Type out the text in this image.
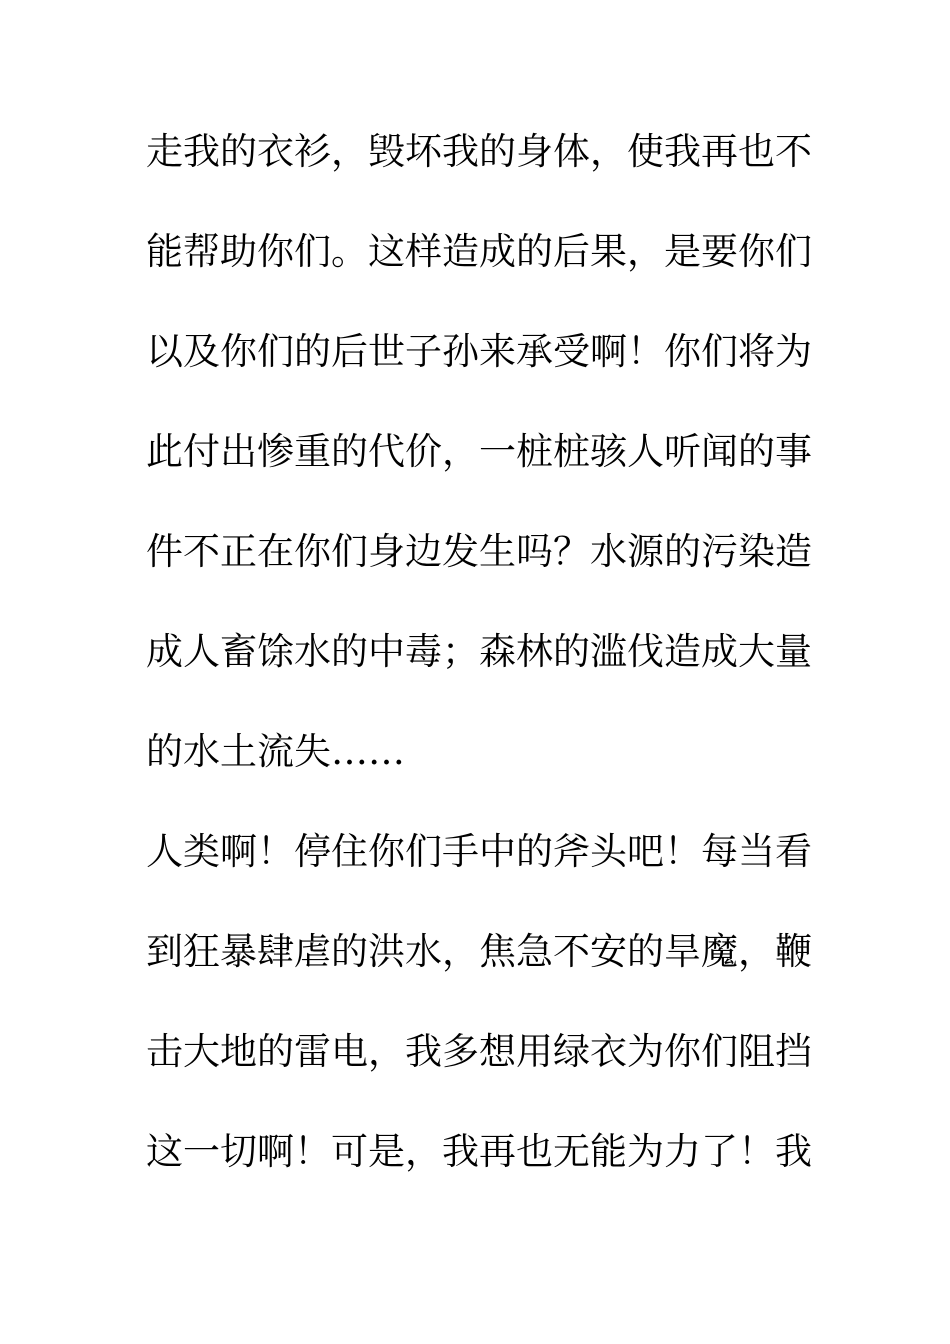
走我的衣衫，毁坏我的身体，使我再也不
能帮助你们。这样造成的后果，是要你们
以及你们的后世子孙来承受啊！你们将为
此付出惨重的代价，一桩桩骇人听闻的事
件不正在你们身边发生吗？水源的污染造
成人畜馀水的中毒；森林的滥伐造成大量
的水土流失……
人类啊！停住你们手中的斧头吧！每当看
到狂暴肆虐的洪水，焦急不安的旱魔，鞭
击大地的雷电，我多想用绿衣为你们阻挡
这一切啊！可是，我再也无能为力了！我
